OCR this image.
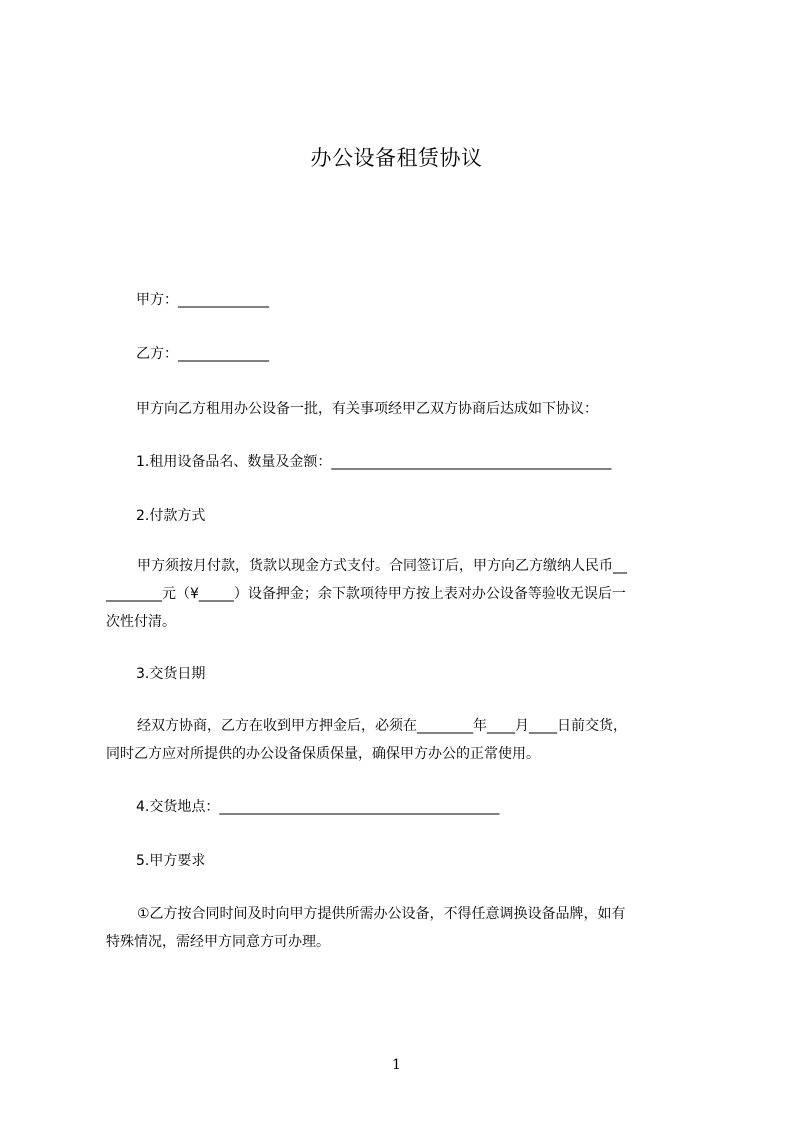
办公设备租赁协议
甲方：_____________
乙方：_____________
甲方向乙方租用办公设备一批，有关事项经甲乙双方协商后达成如下协议：
1.租用设备品名、数量及金额：________________________________________
2.付款方式
甲方须按月付款，货款以现金方式支付。合同签订后，甲方向乙方缴纳人民币__
________元（¥_____）设备押金；余下款项待甲方按上表对办公设备等验收无误后一
次性付清。
3.交货日期
经双方协商，乙方在收到甲方押金后，必须在________年____月____日前交货，
同时乙方应对所提供的办公设备保质保量，确保甲方办公的正常使用。
4.交货地点：________________________________________
5.甲方要求
①乙方按合同时间及时向甲方提供所需办公设备，不得任意调换设备品牌，如有
特殊情况，需经甲方同意方可办理。
1
